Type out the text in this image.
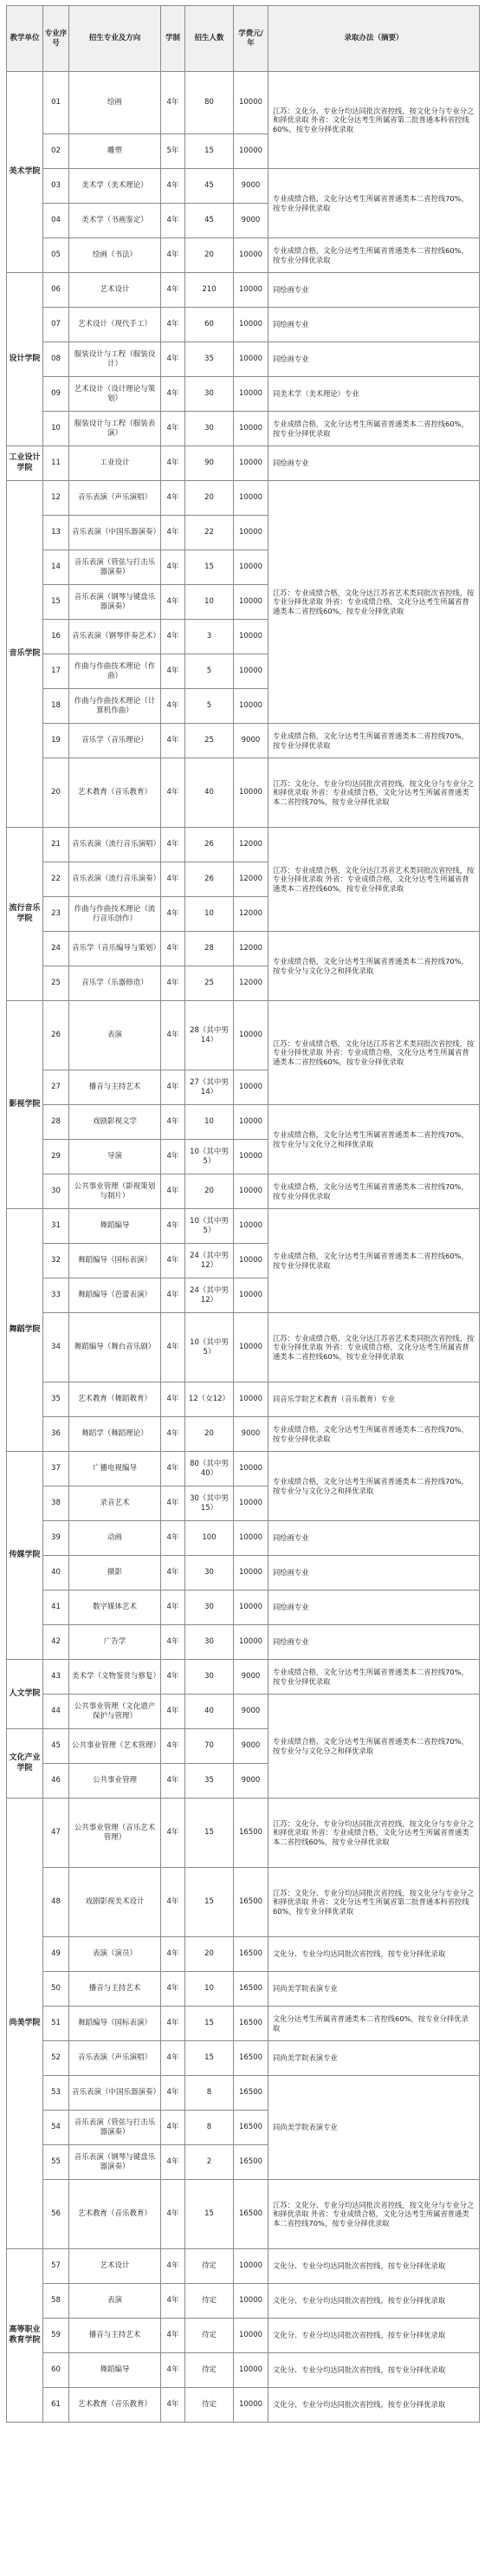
教学单位	专业序号	招生专业及方向	学制	招生人数	学费元/年	录取办法（摘要）
美术学院	01	绘画	4年	80	10000	江苏：文化分、专业分均达同批次省控线，按文化分与专业分之和择优录取 外省：文化分达考生所属省第二批普通本科省控线60%，按专业分择优录取
	02	雕塑	5年	15	10000	
	03	美术学（美术理论）	4年	45	9000	专业成绩合格，文化分达考生所属省普通类本二省控线70%，按专业分择优录取
	04	美术学（书画鉴定）	4年	45	9000	
	05	绘画（书法）	4年	20	10000	专业成绩合格，文化分达考生所属省普通类本二省控线60%，按专业分择优录取
设计学院	06	艺术设计	4年	210	10000	同绘画专业
	07	艺术设计（现代手工）	4年	60	10000	同绘画专业
	08	服装设计与工程（服装设计）	4年	35	10000	同绘画专业
	09	艺术设计（设计理论与策划）	4年	30	10000	同美术学（美术理论）专业
	10	服装设计与工程（服装表演）	4年	30	10000	专业成绩合格，文化分达考生所属省普通类本二省控线60%，按专业分择优录取
工业设计学院	11	工业设计	4年	90	10000	同绘画专业
音乐学院	12	音乐表演（声乐演唱）	4年	20	10000	江苏：专业成绩合格，文化分达江苏省艺术类同批次省控线，按专业分择优录取 外省：专业成绩合格，文化分达考生所属省普通类本二省控线60%，按专业分择优录取
	13	音乐表演（中国乐器演奏）	4年	22	10000	
	14	音乐表演（管弦与打击乐器演奏）	4年	15	10000	
	15	音乐表演（钢琴与键盘乐器演奏）	4年	10	10000	
	16	音乐表演（钢琴伴奏艺术）	4年	3	10000	
	17	作曲与作曲技术理论（作曲）	4年	5	10000	
	18	作曲与作曲技术理论（计算机作曲）	4年	5	10000	
	19	音乐学（音乐理论）	4年	25	9000	专业成绩合格，文化分达考生所属省普通类本二省控线70%，按专业分择优录取
	20	艺术教育（音乐教育）	4年	40	10000	江苏：文化分、专业分均达同批次省控线，按文化分与专业分之和择优录取 外省：专业成绩合格，文化分达考生所属省普通类本二省控线70%，按专业分择优录取
流行音乐学院	21	音乐表演（流行音乐演唱）	4年	26	12000	江苏：专业成绩合格，文化分达江苏省艺术类同批次省控线，按专业分择优录取 外省：专业成绩合格，文化分达考生所属省普通类本二省控线60%，按专业分择优录取
	22	音乐表演（流行音乐演奏）	4年	26	12000	
	23	作曲与作曲技术理论（流行音乐创作）	4年	10	12000	
	24	音乐学（音乐编导与策划）	4年	28	12000	专业成绩合格，文化分达考生所属省普通类本二省控线70%，按专业分与文化分之和择优录取
	25	音乐学（乐器修造）	4年	25	12000	
影视学院	26	表演	4年	28（其中男14）	10000	江苏：专业成绩合格，文化分达江苏省艺术类同批次省控线，按专业分择优录取 外省：专业成绩合格，文化分达考生所属省普通类本二省控线60%，按专业分择优录取
	27	播音与主持艺术	4年	27（其中男14）	10000	
	28	戏剧影视文学	4年	10	10000	专业成绩合格，文化分达考生所属省普通类本二省控线70%，按专业分与文化分之和择优录取
	29	导演	4年	10（其中男5）	10000	
	30	公共事业管理（影视策划与制片）	4年	20	10000	专业成绩合格，文化分达考生所属省普通类本二省控线70%，按专业分择优录取
舞蹈学院	31	舞蹈编导	4年	10（其中男5）	10000	专业成绩合格，文化分达考生所属省普通类本二省控线60%，按专业分择优录取
	32	舞蹈编导（国标表演）	4年	24（其中男12）	10000	
	33	舞蹈编导（芭蕾表演）	4年	24（其中男12）	10000	
	34	舞蹈编导（舞台音乐剧）	4年	10（其中男5）	10000	江苏：专业成绩合格，文化分达江苏省艺术类同批次省控线，按专业分择优录取 外省：专业成绩合格，文化分达考生所属省普通类本二省控线60%，按专业分择优录取
	35	艺术教育（舞蹈教育）	4年	12（女12）	10000	同音乐学院艺术教育（音乐教育）专业
	36	舞蹈学（舞蹈理论）	4年	20	9000	专业成绩合格，文化分达考生所属省普通类本二省控线70%，按专业分择优录取
传媒学院	37	广播电视编导	4年	80（其中男40）	10000	专业成绩合格，文化分达考生所属省普通类本二省控线70%，按专业分与文化分之和择优录取
	38	录音艺术	4年	30（其中男15）	10000	
	39	动画	4年	100	10000	同绘画专业
	40	摄影	4年	30	10000	同绘画专业
	41	数字媒体艺术	4年	30	10000	同绘画专业
	42	广告学	4年	30	10000	同绘画专业
人文学院	43	美术学（文物鉴赏与修复）	4年	30	9000	专业成绩合格，文化分达考生所属省普通类本二省控线70%，按专业分择优录取
	44	公共事业管理（文化遗产保护与管理）	4年	40	9000	专业成绩合格，文化分达考生所属省普通类本二省控线70%，按专业分与文化分之和择优录取
文化产业学院	45	公共事业管理（艺术管理）	4年	70	9000	
	46	公共事业管理	4年	35	9000	
尚美学院	47	公共事业管理（音乐艺术管理）	4年	15	16500	江苏：文化分、专业分均达同批次省控线，按文化分与专业分之和择优录取 外省：专业成绩合格，文化分达考生所属省普通类本二省控线60%，按专业分择优录取
	48	戏剧影视美术设计	4年	15	16500	江苏：文化分、专业分均达同批次省控线，按文化分与专业分之和择优录取 外省：文化分达考生所属省第二批普通本科省控线60%，按专业分择优录取
	49	表演（演员）	4年	20	16500	文化分、专业分均达同批次省控线，按专业分择优录取
	50	播音与主持艺术	4年	10	16500	同尚美学院表演专业
	51	舞蹈编导（国标表演）	4年	15	16500	文化分达考生所属省普通类本二省控线60%，按专业分择优录取
	52	音乐表演（声乐演唱）	4年	15	16500	同尚美学院表演专业
	53	音乐表演（中国乐器演奏）	4年	8	16500	同尚美学院表演专业
	54	音乐表演（管弦与打击乐器演奏）	4年	8	16500	
	55	音乐表演（钢琴与键盘乐器演奏）	4年	2	16500	
	56	艺术教育（音乐教育）	4年	15	16500	江苏：文化分、专业分均达同批次省控线，按文化分与专业分之和择优录取 外省：专业成绩合格，文化分达考生所属省普通类本二省控线70%，按专业分择优录取
高等职业教育学院	57	艺术设计	4年	待定	10000	文化分、专业分均达同批次省控线，按专业分择优录取
	58	表演	4年	待定	10000	文化分、专业分均达同批次省控线，按专业分择优录取
	59	播音与主持艺术	4年	待定	10000	文化分、专业分均达同批次省控线，按专业分择优录取
	60	舞蹈编导	4年	待定	10000	文化分、专业分均达同批次省控线，按专业分择优录取
	61	艺术教育（音乐教育）	4年	待定	10000	文化分、专业分均达同批次省控线，按专业分择优录取
